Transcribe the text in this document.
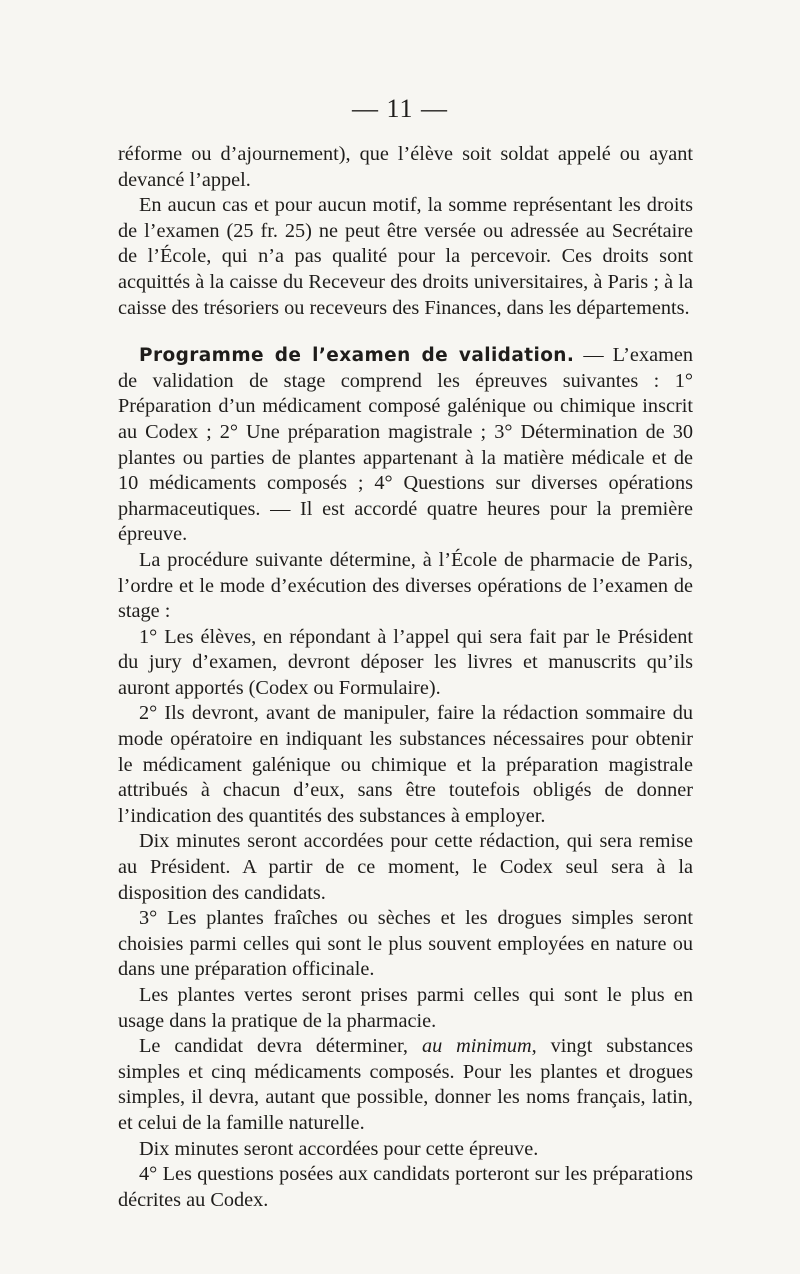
— 11 —

réforme ou d’ajournement), que l’élève soit soldat appelé ou ayant devancé l’appel.

En aucun cas et pour aucun motif, la somme représentant les droits de l’examen (25 fr. 25) ne peut être versée ou adressée au Secrétaire de l’École, qui n’a pas qualité pour la percevoir. Ces droits sont acquittés à la caisse du Receveur des droits universitaires, à Paris ; à la caisse des trésoriers ou receveurs des Finances, dans les départements.

Programme de l’examen de validation. — L’examen de validation de stage comprend les épreuves suivantes : 1° Préparation d’un médicament composé galénique ou chimique inscrit au Codex ; 2° Une préparation magistrale ; 3° Détermination de 30 plantes ou parties de plantes appartenant à la matière médicale et de 10 médicaments composés ; 4° Questions sur diverses opérations pharmaceutiques. — Il est accordé quatre heures pour la première épreuve.

La procédure suivante détermine, à l’École de pharmacie de Paris, l’ordre et le mode d’exécution des diverses opérations de l’examen de stage :

1° Les élèves, en répondant à l’appel qui sera fait par le Président du jury d’examen, devront déposer les livres et manuscrits qu’ils auront apportés (Codex ou Formulaire).

2° Ils devront, avant de manipuler, faire la rédaction sommaire du mode opératoire en indiquant les substances nécessaires pour obtenir le médicament galénique ou chimique et la préparation magistrale attribués à chacun d’eux, sans être toutefois obligés de donner l’indication des quantités des substances à employer.

Dix minutes seront accordées pour cette rédaction, qui sera remise au Président. A partir de ce moment, le Codex seul sera à la disposition des candidats.

3° Les plantes fraîches ou sèches et les drogues simples seront choisies parmi celles qui sont le plus souvent employées en nature ou dans une préparation officinale.

Les plantes vertes seront prises parmi celles qui sont le plus en usage dans la pratique de la pharmacie.

Le candidat devra déterminer, au minimum, vingt substances simples et cinq médicaments composés. Pour les plantes et drogues simples, il devra, autant que possible, donner les noms français, latin, et celui de la famille naturelle.

Dix minutes seront accordées pour cette épreuve.

4° Les questions posées aux candidats porteront sur les préparations décrites au Codex.
